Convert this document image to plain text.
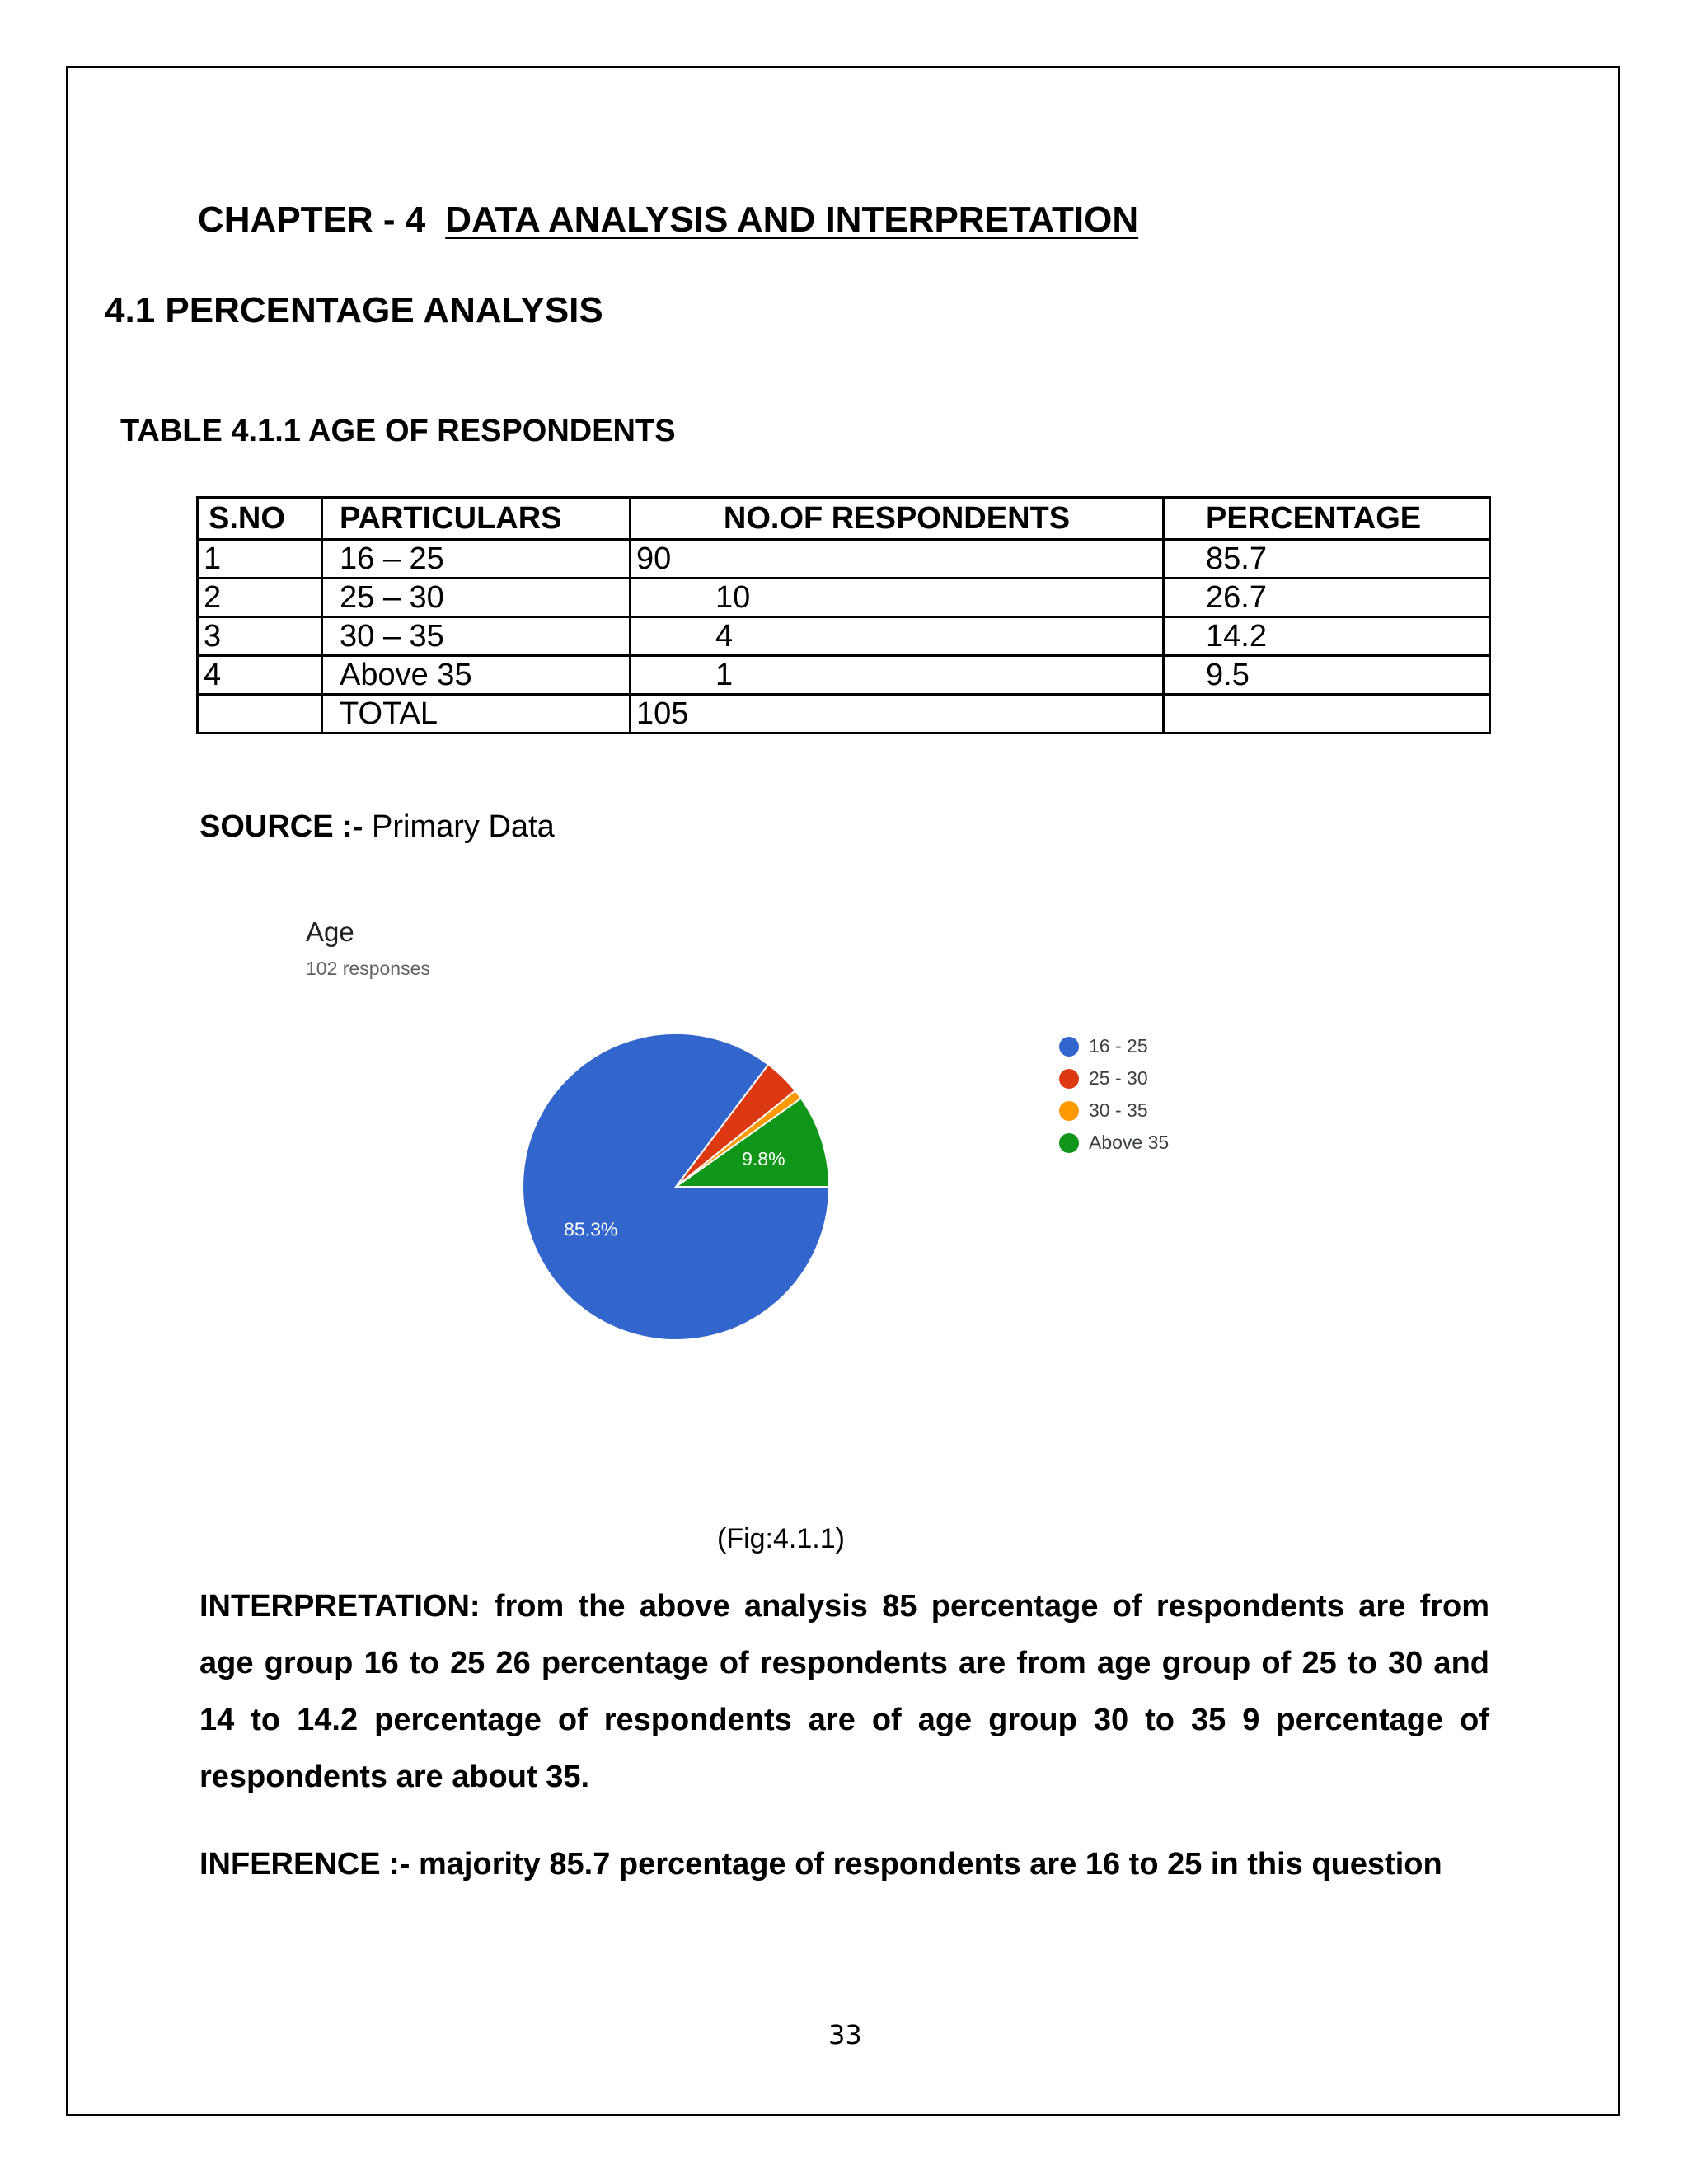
CHAPTER - 4 DATA ANALYSIS AND INTERPRETATION
4.1 PERCENTAGE ANALYSIS
TABLE 4.1.1 AGE OF RESPONDENTS
S.NO	PARTICULARS	NO.OF RESPONDENTS	PERCENTAGE
1	16 – 25	90	85.7
2	25 – 30	10	26.7
3	30 – 35	4	14.2
4	Above 35	1	9.5
	TOTAL	105	
SOURCE :- Primary Data
Age
102 responses
9.8%
85.3%
16 - 25
25 - 30
30 - 35
Above 35
(Fig:4.1.1)
INTERPRETATION: from the above analysis 85 percentage of respondents are from age group 16 to 25 26 percentage of respondents are from age group of 25 to 30 and 14 to 14.2 percentage of respondents are of age group 30 to 35 9 percentage of respondents are about 35.
INFERENCE :- majority 85.7 percentage of respondents are 16 to 25 in this question
33
